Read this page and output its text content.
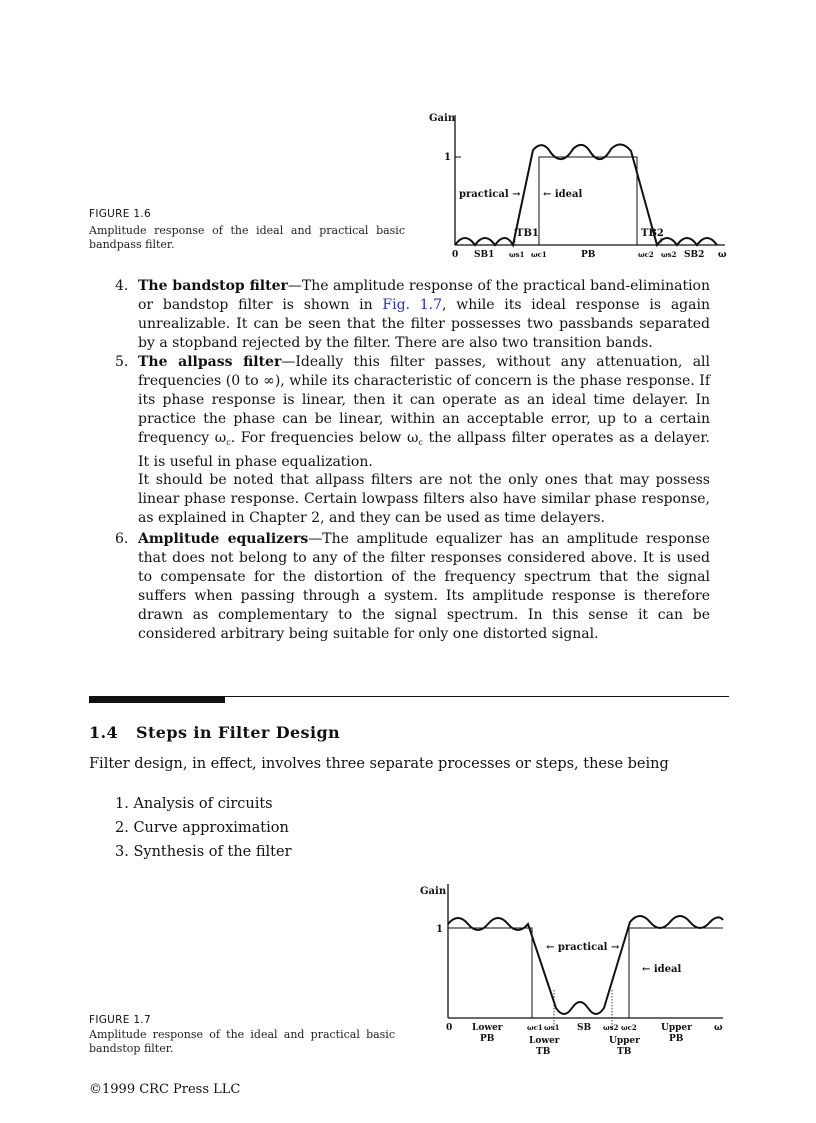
FIGURE 1.6
Amplitude response of the ideal and practical basic bandpass filter.
Gain
1
practical → ← ideal
TB1	TB2
0 SB1 ωs1 ωc1	PB	ωc2 ωs2 SB2 ω
4. The bandstop filter—The amplitude response of the practical band-elimination or bandstop filter is shown in Fig. 1.7, while its ideal response is again unrealizable. It can be seen that the filter possesses two passbands separated by a stopband rejected by the filter. There are also two transition bands.
5. The allpass filter—Ideally this filter passes, without any attenuation, all frequencies (0 to ∞), while its characteristic of concern is the phase response. If its phase response is linear, then it can operate as an ideal time delayer. In practice the phase can be linear, within an acceptable error, up to a certain frequency $\omega_c$. For frequencies below $\omega_c$ the allpass filter operates as a delayer. It is useful in phase equalization.

It should be noted that allpass filters are not the only ones that may possess linear phase response. Certain lowpass filters also have similar phase response, as explained in Chapter 2, and they can be used as time delayers.

6. Amplitude equalizers—The amplitude equalizer has an amplitude response that does not belong to any of the filter responses considered above. It is used to compensate for the distortion of the frequency spectrum that the signal suffers when passing through a system. Its amplitude response is therefore drawn as complementary to the signal spectrum. In this sense it can be considered arbitrary being suitable for only one distorted signal.
1.4 Steps in Filter Design
Filter design, in effect, involves three separate processes or steps, these being
1. Analysis of circuits
2. Curve approximation
3. Synthesis of the filter
FIGURE 1.7
Amplitude response of the ideal and practical basic bandstop filter.
Gain
1
← practical →
← ideal
0 Lower
PB
ωc1 ωs1
Lower
TB
SB ωs2 ωc2
Upper
TB
Upper
PB
ω
©1999 CRC Press LLC
